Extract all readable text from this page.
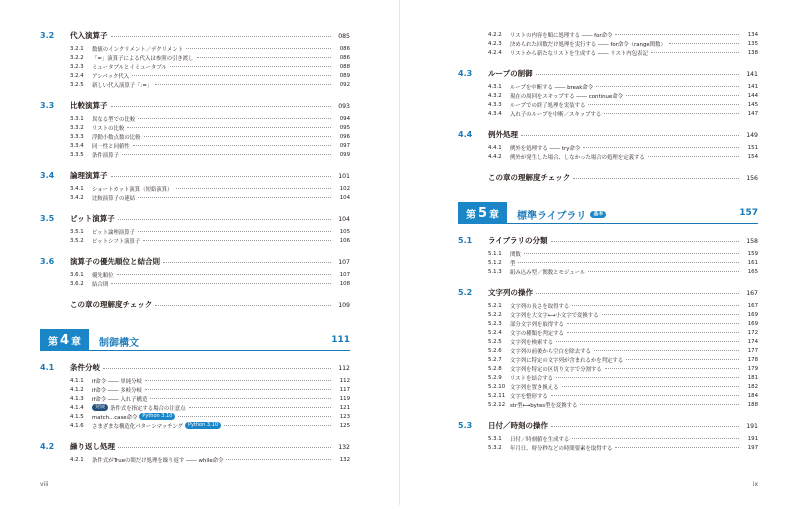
3.2	代入演算子	085
3.2.1	数値のインクリメント／デクリメント	086
3.2.2	「=」演算子による代入は参照の引き渡し	086
3.2.3	ミュータブルとイミュータブル	088
3.2.4	アンパック代入	089
3.2.5	新しい代入演算子「:=」	092
3.3	比較演算子	093
3.3.1	異なる型での比較	094
3.3.2	リストの比較	095
3.3.3	浮動小数点数の比較	096
3.3.4	同一性と同値性	097
3.3.5	条件演算子	099
3.4	論理演算子	101
3.4.1	ショートカット演算（短絡演算）	102
3.4.2	比較演算子の連結	104
3.5	ビット演算子	104
3.5.1	ビット論理演算子	105
3.5.2	ビットシフト演算子	106
3.6	演算子の優先順位と結合則	107
3.6.1	優先順位	107
3.6.2	結合則	108
この章の理解度チェック	109
第 4 章 制御構文	111
4.1	条件分岐	112
4.1.1	if命令 ―― 単純分岐	112
4.1.2	if命令 ―― 多岐分岐	117
4.1.3	if命令 ―― 入れ子構造	119
4.1.4	発展 条件式を指定する場合の注意点	121
4.1.5	match...case命令	Python 3.10	123
4.1.6	さまざまな構造化パターンマッチング	Python 3.10	125
4.2	繰り返し処理	132
4.2.1	条件式がTrueの間だけ処理を繰り返す ―― while命令	132
viii
4.2.2	リストの内容を順に処理する ―― for命令	134
4.2.3	決められた回数だけ処理を実行する ―― for命令（range関数）	135
4.2.4	リストから新たなリストを生成する ―― リスト内包表記	138
4.3	ループの制御	141
4.3.1	ループを中断する ―― break命令	141
4.3.2	現在の周回をスキップする ―― continue命令	144
4.3.3	ループでの終了処理を実装する	145
4.3.4	入れ子のループを中断／スキップする	147
4.4	例外処理	149
4.4.1	例外を処理する ―― try命令	151
4.4.2	例外が発生した場合、しなかった場合の処理を定義する	154
この章の理解度チェック	156
第 5 章 標準ライブラリ	基本	157
5.1	ライブラリの分類	158
5.1.1	関数	159
5.1.2	型	161
5.1.3	組み込み型／関数とモジュール	165
5.2	文字列の操作	167
5.2.1	文字列の長さを取得する	167
5.2.2	文字列を大文字⟷小文字で変換する	169
5.2.3	部分文字列を取得する	169
5.2.4	文字の種類を判定する	172
5.2.5	文字列を検索する	174
5.2.6	文字列の前後から空白を除去する	177
5.2.7	文字列に特定の文字列が含まれるかを判定する	178
5.2.8	文字列を特定の区切り文字で分割する	179
5.2.9	リストを結合する	181
5.2.10 文字列を置き換える	182
5.2.11 文字を整形する	184
5.2.12 str型⟷bytes型を変換する	188
5.3	日付／時刻の操作	191
5.3.1	日付／時刻値を生成する	191
5.3.2	年月日、時分秒などの時間要素を取得する	197
ix
